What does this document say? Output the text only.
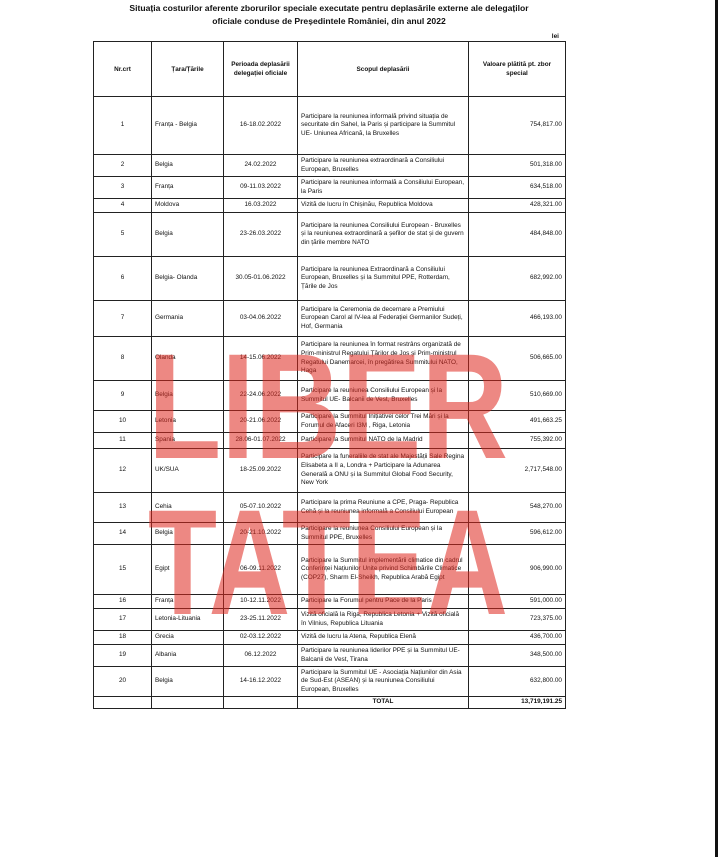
Situația costurilor aferente zborurilor speciale executate pentru deplasările externe ale delegaților
oficiale conduse de Președintele României, din anul 2022
lei
Nr.crt	Țara/Țările	Perioada deplasării delegației oficiale	Scopul deplasării	Valoare plătită pt. zbor special
1	Franța - Belgia	16-18.02.2022	Participare la reuniunea informală privind situația de securitate din Sahel, la Paris și participare la Summitul UE- Uniunea Africană, la Bruxelles	754,817.00
2	Belgia	24.02.2022	Participare la reuniunea extraordinară a Consiliului European, Bruxelles	501,318.00
3	Franța	09-11.03.2022	Participare la reuniunea informală a Consiliului European, la Paris	634,518.00
4	Moldova	16.03.2022	Vizită de lucru în Chișinău, Republica Moldova	428,321.00
5	Belgia	23-26.03.2022	Participare la reuniunea Consiliului European - Bruxelles și la reuniunea extraordinară a șefilor de stat și de guvern din țările membre NATO	484,848.00
6	Belgia- Olanda	30.05-01.06.2022	Participare la reuniunea Extraordinară a Consiliului European, Bruxelles și la Summitul PPE, Rotterdam, Țările de Jos	682,992.00
7	Germania	03-04.06.2022	Participare la Ceremonia de decernare a Premiului European Carol al IV-lea al Federației Germanilor Sudeți, Hof, Germania	466,193.00
8	Olanda	14-15.06.2022	Participare la reuniunea în format restrâns organizată de Prim-ministrul Regatului Țărilor de Jos și Prim-ministrul Regatului Danemarcei, în pregătirea Summitului NATO, Haga	506,665.00
9	Belgia	22-24.06.2022	Participare la reuniunea Consiliului European și la Summitul UE- Balcanii de Vest, Bruxelles	510,669.00
10	Letonia	20-21.06.2022	Participare la Summitul Inițiativei celor Trei Mări și la Forumul de Afaceri I3M , Riga, Letonia	491,663.25
11	Spania	28.06-01.07.2022	Participare la Summitul NATO de la Madrid	755,392.00
12	UK/SUA	18-25.09.2022	Participare la funeraliile de stat ale Majestății Sale Regina Elisabeta a II a, Londra + Participare la Adunarea Generală a ONU și la Summitul Global Food Security, New York	2,717,548.00
13	Cehia	05-07.10.2022	Participare la prima Reuniune a CPE, Praga- Republica Cehă și la reuniunea informală a Consiliului European	548,270.00
14	Belgia	20-21.10.2022	Participare la reuniunea Consiliului European și la Summitul PPE, Bruxelles	596,612.00
15	Egipt	06-09.11.2022	Participare la Summitul implementării climatice din cadrul Conferinței Națiunilor Unite privind Schimbările Climatice (COP27), Sharm El-Sheikh, Republica Arabă Egipt	906,990.00
16	Franța	10-12.11.2022	Participare la Forumul pentru Pace de la Paris	591,000.00
17	Letonia-Lituania	23-25.11.2022	Vizită oficială la Riga, Republica Letonia + Vizită oficială în Vilnius, Republica Lituania	723,375.00
18	Grecia	02-03.12.2022	Vizită de lucru la Atena, Republica Elenă	436,700.00
19	Albania	06.12.2022	Participare la reuniunea liderilor PPE și la Summitul UE- Balcanii de Vest, Tirana	348,500.00
20	Belgia	14-16.12.2022	Participare la Summitul UE - Asociația Națiunilor din Asia de Sud-Est (ASEAN) și la reuniunea Consiliului European, Bruxelles	632,800.00
			TOTAL	13,719,191.25
LIBER
TATEA
